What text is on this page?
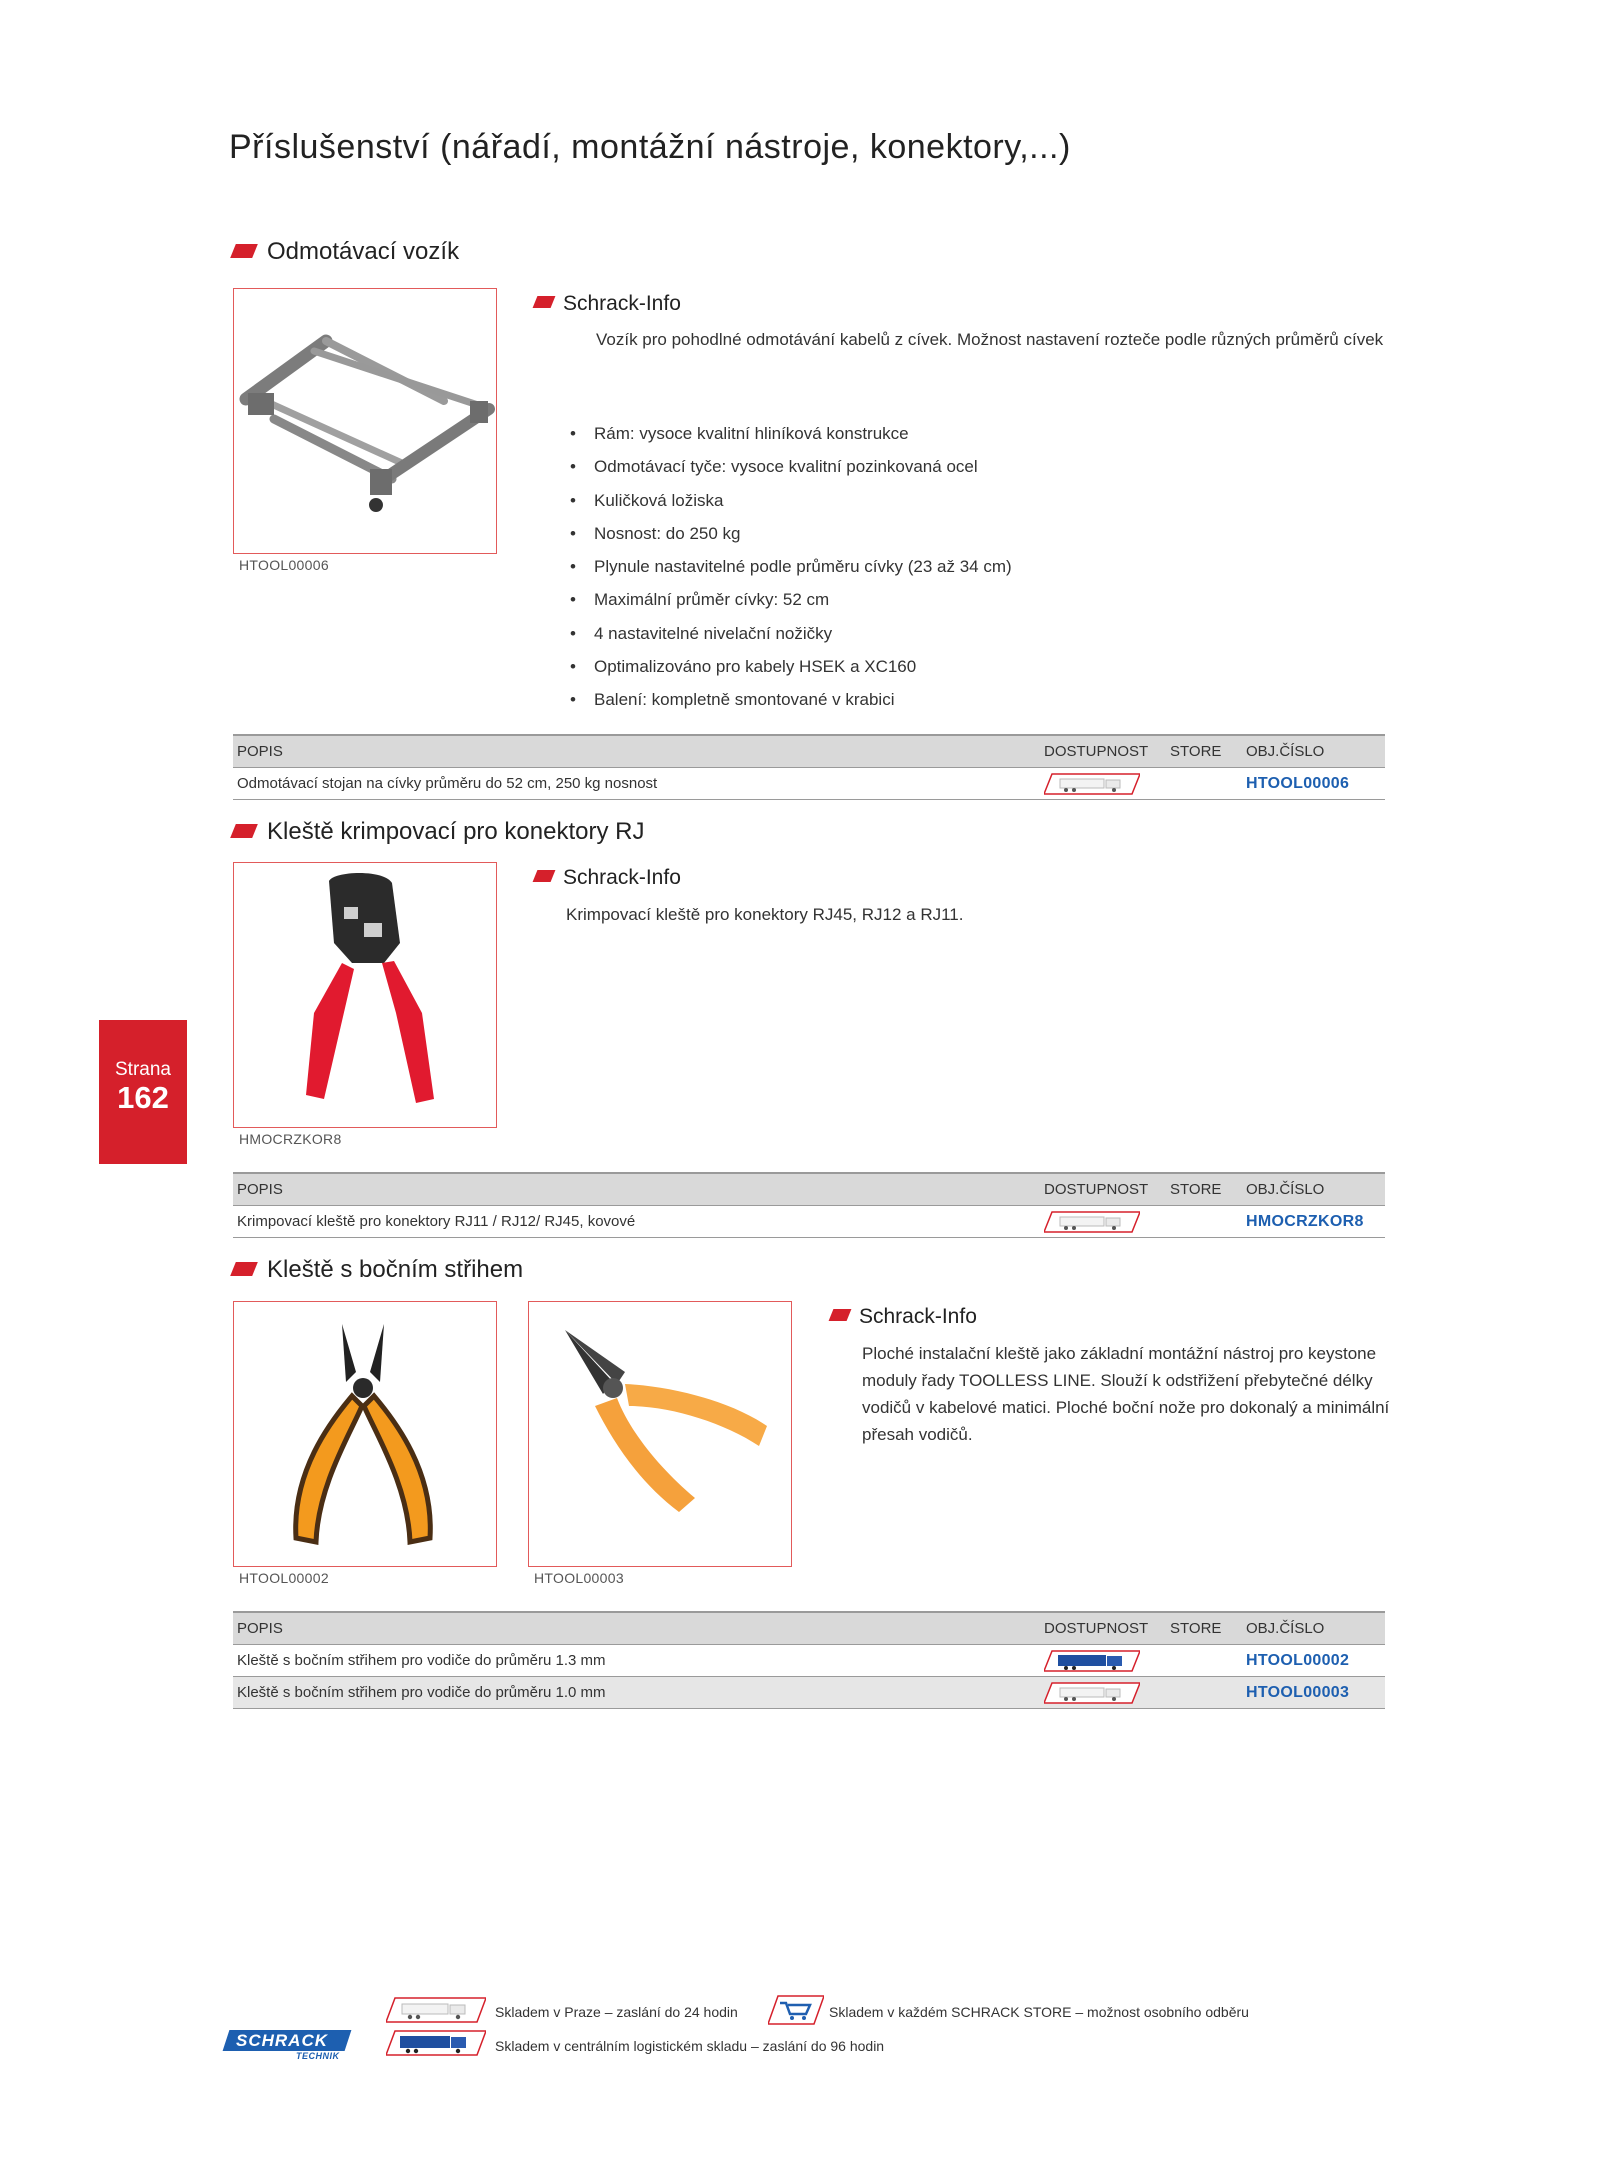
Příslušenství (nářadí, montážní nástroje, konektory,...)
Odmotávací vozík
HTOOL00006
Schrack-Info
Vozík pro pohodlné odmotávání kabelů z cívek. Možnost nastavení rozteče podle různých průměrů cívek
• Rám: vysoce kvalitní hliníková konstrukce
• Odmotávací tyče: vysoce kvalitní pozinkovaná ocel
• Kuličková ložiska
• Nosnost: do 250 kg
• Plynule nastavitelné podle průměru cívky (23 až 34 cm)
• Maximální průměr cívky: 52 cm
• 4 nastavitelné nivelační nožičky
• Optimalizováno pro kabely HSEK a XC160
• Balení: kompletně smontované v krabici
POPIS	DOSTUPNOST	STORE	OBJ.ČÍSLO
Odmotávací stojan na cívky průměru do 52 cm, 250 kg nosnost			HTOOL00006
Kleště krimpovací pro konektory RJ
HMOCRZKOR8
Schrack-Info
Krimpovací kleště pro konektory RJ45, RJ12 a RJ11.
POPIS	DOSTUPNOST	STORE	OBJ.ČÍSLO
Krimpovací kleště pro konektory RJ11 / RJ12/ RJ45, kovové			HMOCRZKOR8
Kleště s bočním střihem
HTOOL00002	HTOOL00003
Schrack-Info
Ploché instalační kleště jako základní montážní nástroj pro keystone moduly řady TOOLLESS LINE. Slouží k odstřižení přebytečné délky vodičů v kabelové matici. Ploché boční nože pro dokonalý a minimální přesah vodičů.
POPIS	DOSTUPNOST	STORE	OBJ.ČÍSLO
Kleště s bočním střihem pro vodiče do průměru 1.3 mm			HTOOL00002
Kleště s bočním střihem pro vodiče do průměru 1.0 mm			HTOOL00003
Strana
162
Skladem v Praze – zaslání do 24 hodin
Skladem v centrálním logistickém skladu – zaslání do 96 hodin
Skladem v každém SCHRACK STORE – možnost osobního odběru
SCHRACK
TECHNIK
